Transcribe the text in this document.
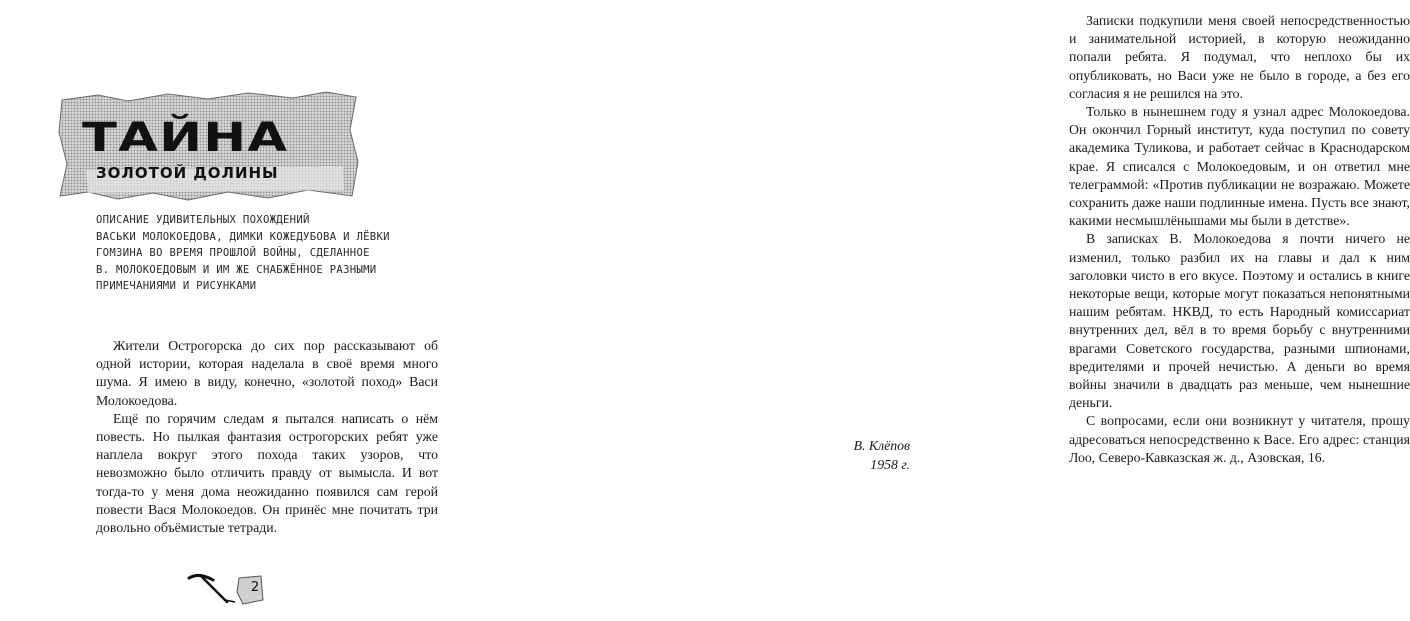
ТАЙНА
ЗОЛОТОЙ ДОЛИНЫ
ОПИСАНИЕ УДИВИТЕЛЬНЫХ ПОХОЖДЕНИЙ
ВАСЬКИ МОЛОКОЕДОВА, ДИМКИ КОЖЕДУБОВА И ЛЁВКИ
ГОМЗИНА ВО ВРЕМЯ ПРОШЛОЙ ВОЙНЫ, СДЕЛАННОЕ
В. МОЛОКОЕДОВЫМ И ИМ ЖЕ СНАБЖЁННОЕ РАЗНЫМИ
ПРИМЕЧАНИЯМИ И РИСУНКАМИ

Жители Острогорска до сих пор рассказывают об одной истории, которая наделала в своё время много шума. Я имею в виду, конечно, «золотой поход» Васи Молокоедова.

Ещё по горячим следам я пытался написать о нём повесть. Но пылкая фантазия острогорских ребят уже наплела вокруг этого похода таких узоров, что невозможно было отличить правду от вымысла. И вот тогда-то у меня дома неожиданно появился сам герой повести Вася Молокоедов. Он принёс мне почитать три довольно объёмистые тетради.

2

Записки подкупили меня своей непосредственностью и занимательной историей, в которую неожиданно попали ребята. Я подумал, что неплохо бы их опубликовать, но Васи уже не было в городе, а без его согласия я не решился на это.

Только в нынешнем году я узнал адрес Молокоедова. Он окончил Горный институт, куда поступил по совету академика Туликова, и работает сейчас в Краснодарском крае. Я списался с Молокоедовым, и он ответил мне телеграммой: «Против публикации не возражаю. Можете сохранить даже наши подлинные имена. Пусть все знают, какими несмышлёнышами мы были в детстве».

В записках В. Молокоедова я почти ничего не изменил, только разбил их на главы и дал к ним заголовки чисто в его вкусе. Поэтому и остались в книге некоторые вещи, которые могут показаться непонятными нашим ребятам. НКВД, то есть Народный комиссариат внутренних дел, вёл в то время борьбу с внутренними врагами Советского государства, разными шпионами, вредителями и прочей нечистью. А деньги во время войны значили в двадцать раз меньше, чем нынешние деньги.

С вопросами, если они возникнут у читателя, прошу адресоваться непосредственно к Васе. Его адрес: станция Лоо, Северо-Кавказская ж. д., Азовская, 16.

В. Клёпов
1958 г.
